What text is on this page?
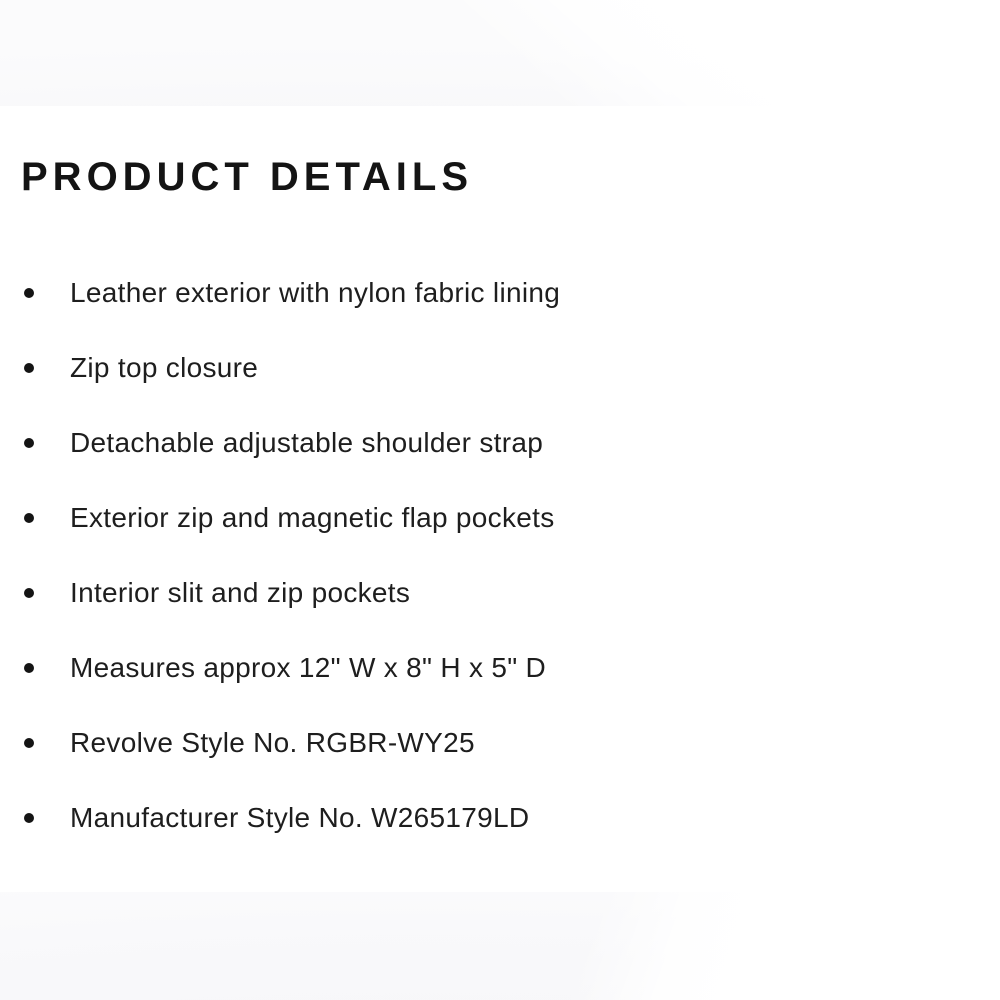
PRODUCT DETAILS
Leather exterior with nylon fabric lining
Zip top closure
Detachable adjustable shoulder strap
Exterior zip and magnetic flap pockets
Interior slit and zip pockets
Measures approx 12" W x 8" H x 5" D
Revolve Style No. RGBR-WY25
Manufacturer Style No. W265179LD
